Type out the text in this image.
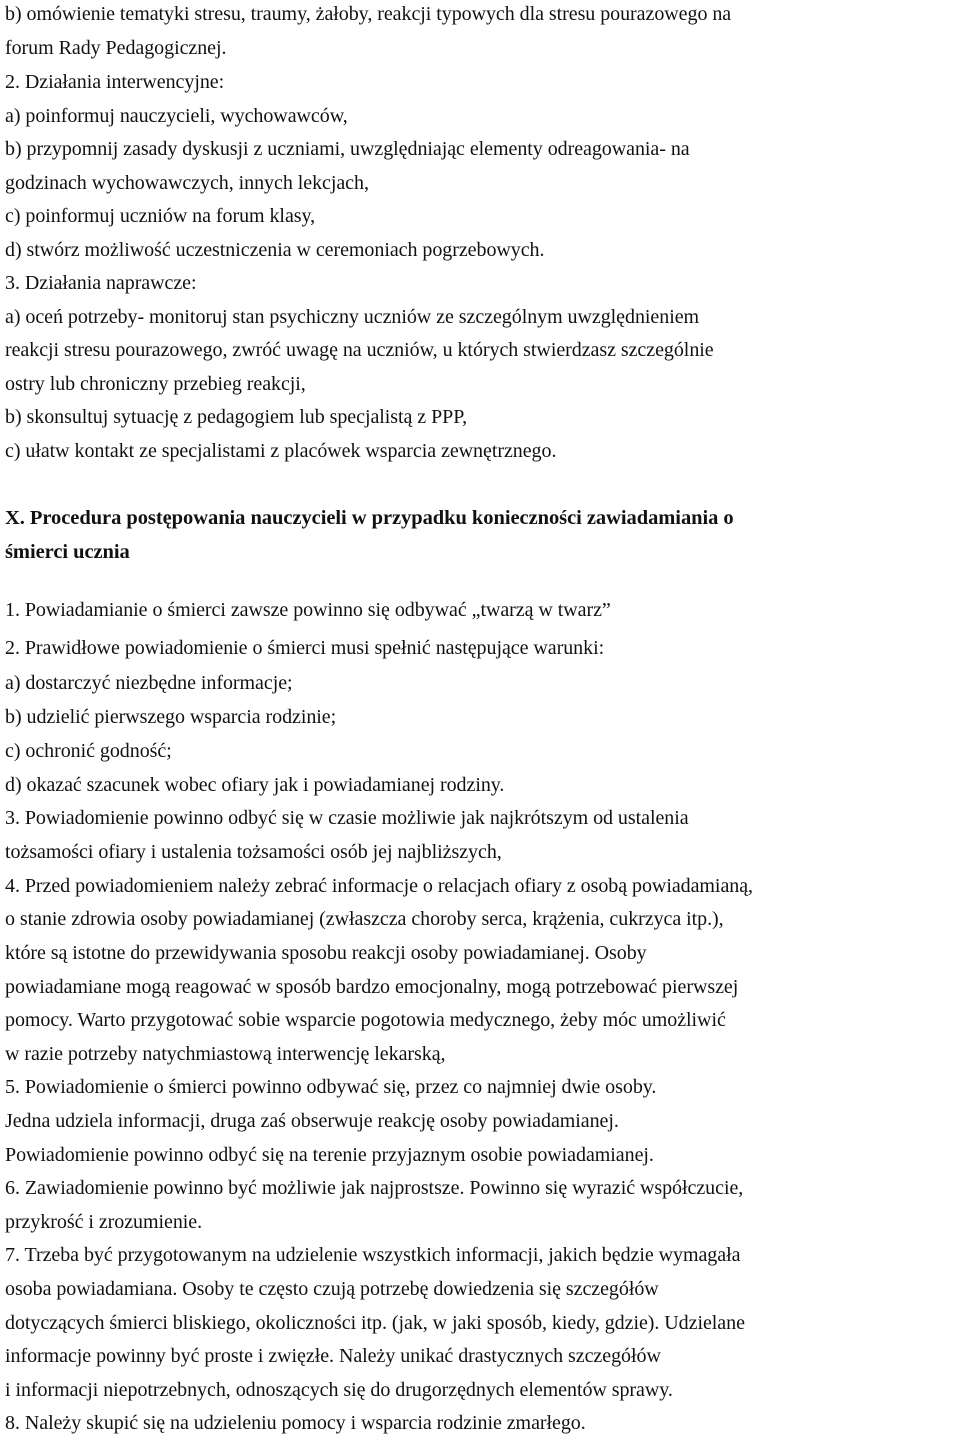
b) omówienie tematyki stresu, traumy, żałoby, reakcji typowych dla stresu pourazowego na

forum Rady Pedagogicznej.

2. Działania interwencyjne:

a) poinformuj nauczycieli, wychowawców,

b) przypomnij zasady dyskusji z uczniami, uwzględniając elementy odreagowania- na

godzinach wychowawczych, innych lekcjach,

c) poinformuj uczniów na forum klasy,

d) stwórz możliwość uczestniczenia w ceremoniach pogrzebowych.

3. Działania naprawcze:

a) oceń potrzeby- monitoruj stan psychiczny uczniów ze szczególnym uwzględnieniem

reakcji stresu pourazowego, zwróć uwagę na uczniów, u których stwierdzasz szczególnie

ostry lub chroniczny przebieg reakcji,

b) skonsultuj sytuację z pedagogiem lub specjalistą z PPP,

c) ułatw kontakt ze specjalistami z placówek wsparcia zewnętrznego.

X. Procedura postępowania nauczycieli w przypadku konieczności zawiadamiania o

śmierci ucznia

1. Powiadamianie o śmierci zawsze powinno się odbywać „twarzą w twarz”

2. Prawidłowe powiadomienie o śmierci musi spełnić następujące warunki:

a) dostarczyć niezbędne informacje;

b) udzielić pierwszego wsparcia rodzinie;

c) ochronić godność;

d) okazać szacunek wobec ofiary jak i powiadamianej rodziny.

3. Powiadomienie powinno odbyć się w czasie możliwie jak najkrótszym od ustalenia

tożsamości ofiary i ustalenia tożsamości osób jej najbliższych,

4. Przed powiadomieniem należy zebrać informacje o relacjach ofiary z osobą powiadamianą,

o stanie zdrowia osoby powiadamianej (zwłaszcza choroby serca, krążenia, cukrzyca itp.),

które są istotne do przewidywania sposobu reakcji osoby powiadamianej. Osoby

powiadamiane mogą reagować w sposób bardzo emocjonalny, mogą potrzebować pierwszej

pomocy. Warto przygotować sobie wsparcie pogotowia medycznego, żeby móc umożliwić

w razie potrzeby natychmiastową interwencję lekarską,

5. Powiadomienie o śmierci powinno odbywać się, przez co najmniej dwie osoby.

Jedna udziela informacji, druga zaś obserwuje reakcję osoby powiadamianej.

Powiadomienie powinno odbyć się na terenie przyjaznym osobie powiadamianej.

6. Zawiadomienie powinno być możliwie jak najprostsze. Powinno się wyrazić współczucie,

przykrość i zrozumienie.

7. Trzeba być przygotowanym na udzielenie wszystkich informacji, jakich będzie wymagała

osoba powiadamiana. Osoby te często czują potrzebę dowiedzenia się szczegółów

dotyczących śmierci bliskiego, okoliczności itp. (jak, w jaki sposób, kiedy, gdzie). Udzielane

informacje powinny być proste i zwięzłe. Należy unikać drastycznych szczegółów

i informacji niepotrzebnych, odnoszących się do drugorzędnych elementów sprawy.

8. Należy skupić się na udzieleniu pomocy i wsparcia rodzinie zmarłego.
